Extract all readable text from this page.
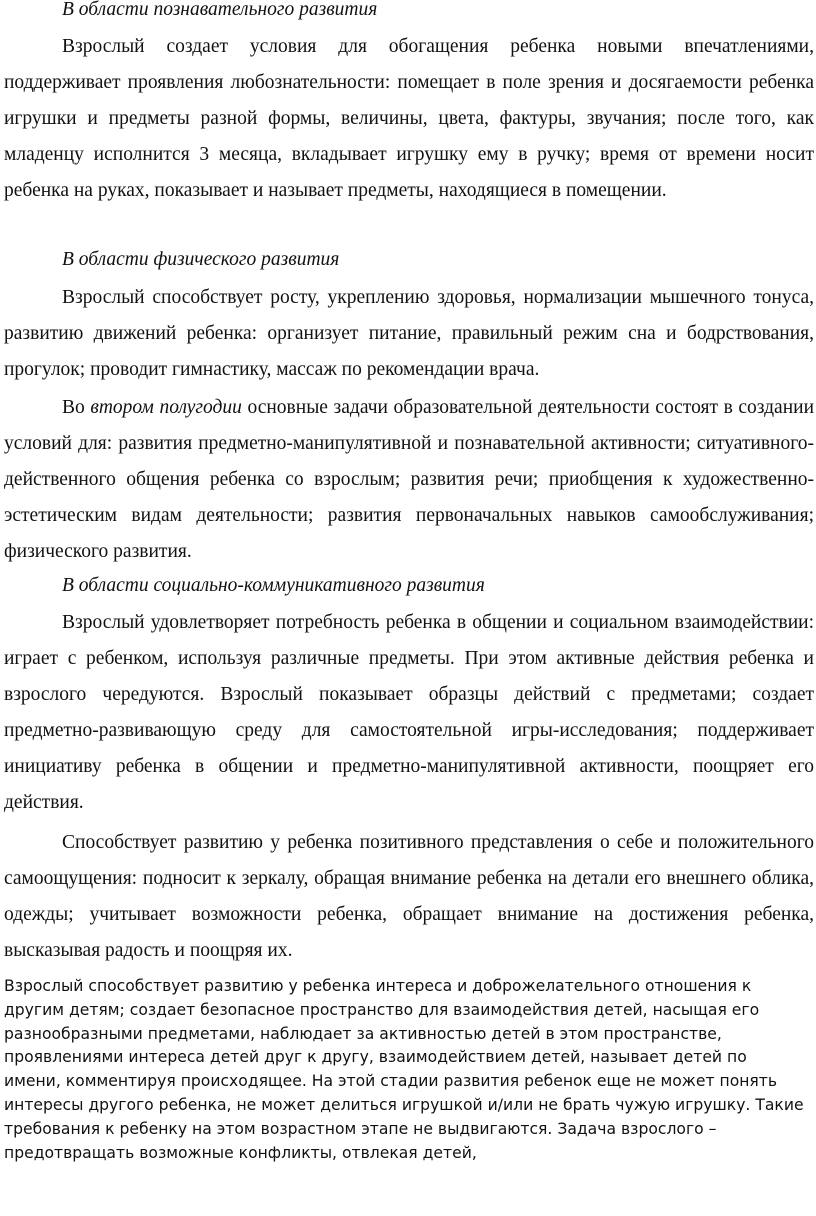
В области познавательного развития

Взрослый создает условия для обогащения ребенка новыми впечатлениями, поддерживает проявления любознательности: помещает в поле зрения и досягаемости ребенка игрушки и предметы разной формы, величины, цвета, фактуры, звучания; после того, как младенцу исполнится 3 месяца, вкладывает игрушку ему в ручку; время от времени носит ребенка на руках, показывает и называет предметы, находящиеся в помещении.

В области физического развития

Взрослый способствует росту, укреплению здоровья, нормализации мышечного тонуса, развитию движений ребенка: организует питание, правильный режим сна и бодрствования, прогулок; проводит гимнастику, массаж по рекомендации врача.

Во втором полугодии основные задачи образовательной деятельности состоят в создании условий для: развития предметно-манипулятивной и познавательной активности; ситуативного-действенного общения ребенка со взрослым; развития речи; приобщения к художественно-эстетическим видам деятельности; развития первоначальных навыков самообслуживания; физического развития.

В области социально-коммуникативного развития

Взрослый удовлетворяет потребность ребенка в общении и социальном взаимодействии: играет с ребенком, используя различные предметы. При этом активные действия ребенка и взрослого чередуются. Взрослый показывает образцы действий с предметами; создает предметно-развивающую среду для самостоятельной игры-исследования; поддерживает инициативу ребенка в общении и предметно-манипулятивной активности, поощряет его действия.

Способствует развитию у ребенка позитивного представления о себе и положительного самоощущения: подносит к зеркалу, обращая внимание ребенка на детали его внешнего облика, одежды; учитывает возможности ребенка, обращает внимание на достижения ребенка, высказывая радость и поощряя их.

Взрослый способствует развитию у ребенка интереса и доброжелательного отношения к другим детям; создает безопасное пространство для взаимодействия детей, насыщая его разнообразными предметами, наблюдает за активностью детей в этом пространстве, проявлениями интереса детей друг к другу, взаимодействием детей, называет детей по имени, комментируя происходящее. На этой стадии развития ребенок еще не может понять интересы другого ребенка, не может делиться игрушкой и/или не брать чужую игрушку. Такие требования к ребенку на этом возрастном этапе не выдвигаются. Задача взрослого – предотвращать возможные конфликты, отвлекая детей,
